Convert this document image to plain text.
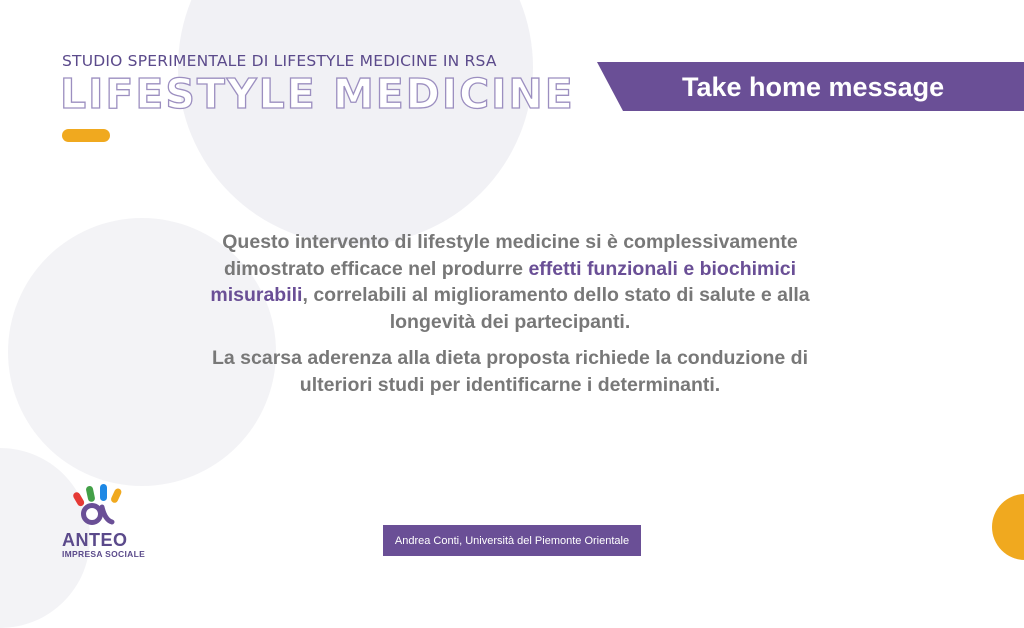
STUDIO SPERIMENTALE DI LIFESTYLE MEDICINE IN RSA
LIFESTYLE MEDICINE	Take home message

Questo intervento di lifestyle medicine si è complessivamente dimostrato efficace nel produrre effetti funzionali e biochimici misurabili, correlabili al miglioramento dello stato di salute e alla longevità dei partecipanti.

La scarsa aderenza alla dieta proposta richiede la conduzione di ulteriori studi per identificarne i determinanti.

ANTEO
IMPRESA SOCIALE
Andrea Conti, Università del Piemonte Orientale
